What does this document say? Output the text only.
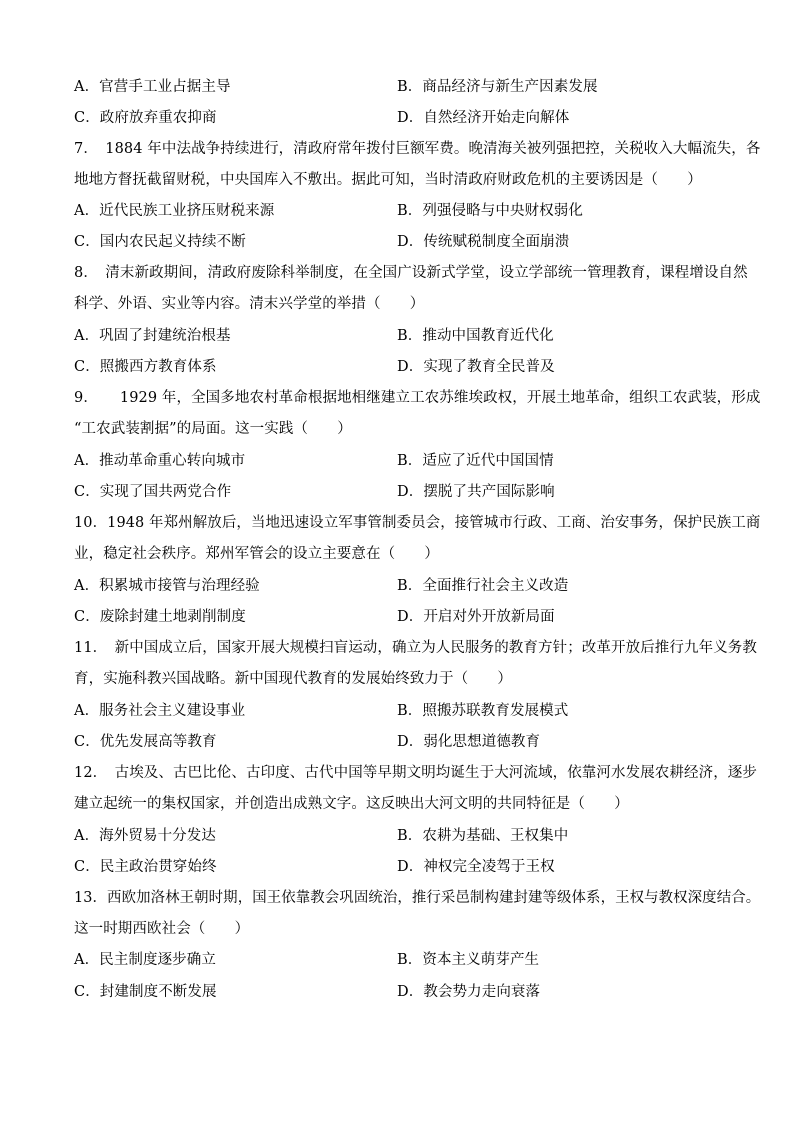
A．官营手工业占据主导	B．商品经济与新生产因素发展
C．政府放弃重农抑商	D．自然经济开始走向解体
7．　1884 年中法战争持续进行，清政府常年拨付巨额军费。晚清海关被列强把控，关税收入大幅流失，各
地地方督抚截留财税，中央国库入不敷出。据此可知，当时清政府财政危机的主要诱因是（　　）
A．近代民族工业挤压财税来源	B．列强侵略与中央财权弱化
C．国内农民起义持续不断	D．传统赋税制度全面崩溃
8．　清末新政期间，清政府废除科举制度，在全国广设新式学堂，设立学部统一管理教育，课程增设自然
科学、外语、实业等内容。清末兴学堂的举措（　　）
A．巩固了封建统治根基	B．推动中国教育近代化
C．照搬西方教育体系	D．实现了教育全民普及
9．　　1929 年，全国多地农村革命根据地相继建立工农苏维埃政权，开展土地革命，组织工农武装，形成
“工农武装割据”的局面。这一实践（　　）
A．推动革命重心转向城市	B．适应了近代中国国情
C．实现了国共两党合作	D．摆脱了共产国际影响
10．1948 年郑州解放后，当地迅速设立军事管制委员会，接管城市行政、工商、治安事务，保护民族工商
业，稳定社会秩序。郑州军管会的设立主要意在（　　）
A．积累城市接管与治理经验	B．全面推行社会主义改造
C．废除封建土地剥削制度	D．开启对外开放新局面
11．　新中国成立后，国家开展大规模扫盲运动，确立为人民服务的教育方针；改革开放后推行九年义务教
育，实施科教兴国战略。新中国现代教育的发展始终致力于（　　）
A．服务社会主义建设事业	B．照搬苏联教育发展模式
C．优先发展高等教育	D．弱化思想道德教育
12．　古埃及、古巴比伦、古印度、古代中国等早期文明均诞生于大河流域，依靠河水发展农耕经济，逐步
建立起统一的集权国家，并创造出成熟文字。这反映出大河文明的共同特征是（　　）
A．海外贸易十分发达	B．农耕为基础、王权集中
C．民主政治贯穿始终	D．神权完全凌驾于王权
13．西欧加洛林王朝时期，国王依靠教会巩固统治，推行采邑制构建封建等级体系，王权与教权深度结合。
这一时期西欧社会（　　）
A．民主制度逐步确立	B．资本主义萌芽产生
C．封建制度不断发展	D．教会势力走向衰落
